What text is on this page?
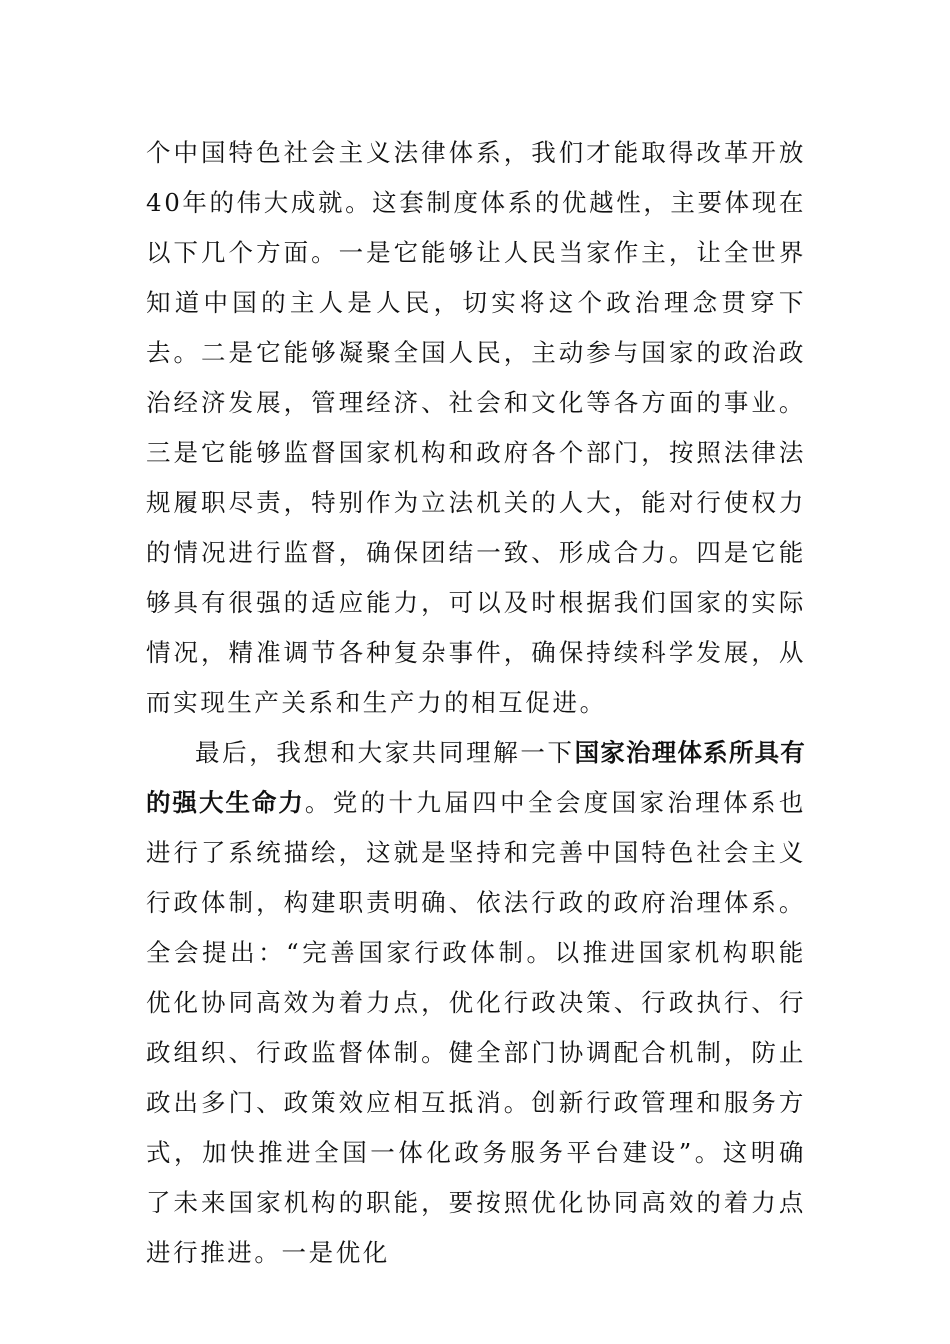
个中国特色社会主义法律体系，我们才能取得改革开放40年的伟大成就。这套制度体系的优越性，主要体现在以下几个方面。一是它能够让人民当家作主，让全世界知道中国的主人是人民，切实将这个政治理念贯穿下去。二是它能够凝聚全国人民，主动参与国家的政治政治经济发展，管理经济、社会和文化等各方面的事业。三是它能够监督国家机构和政府各个部门，按照法律法规履职尽责，特别作为立法机关的人大，能对行使权力的情况进行监督，确保团结一致、形成合力。四是它能够具有很强的适应能力，可以及时根据我们国家的实际情况，精准调节各种复杂事件，确保持续科学发展，从而实现生产关系和生产力的相互促进。

最后，我想和大家共同理解一下国家治理体系所具有的强大生命力。党的十九届四中全会度国家治理体系也进行了系统描绘，这就是坚持和完善中国特色社会主义行政体制，构建职责明确、依法行政的政府治理体系。全会提出：“完善国家行政体制。以推进国家机构职能优化协同高效为着力点，优化行政决策、行政执行、行政组织、行政监督体制。健全部门协调配合机制，防止政出多门、政策效应相互抵消。创新行政管理和服务方式，加快推进全国一体化政务服务平台建设”。这明确了未来国家机构的职能，要按照优化协同高效的着力点进行推进。一是优化
